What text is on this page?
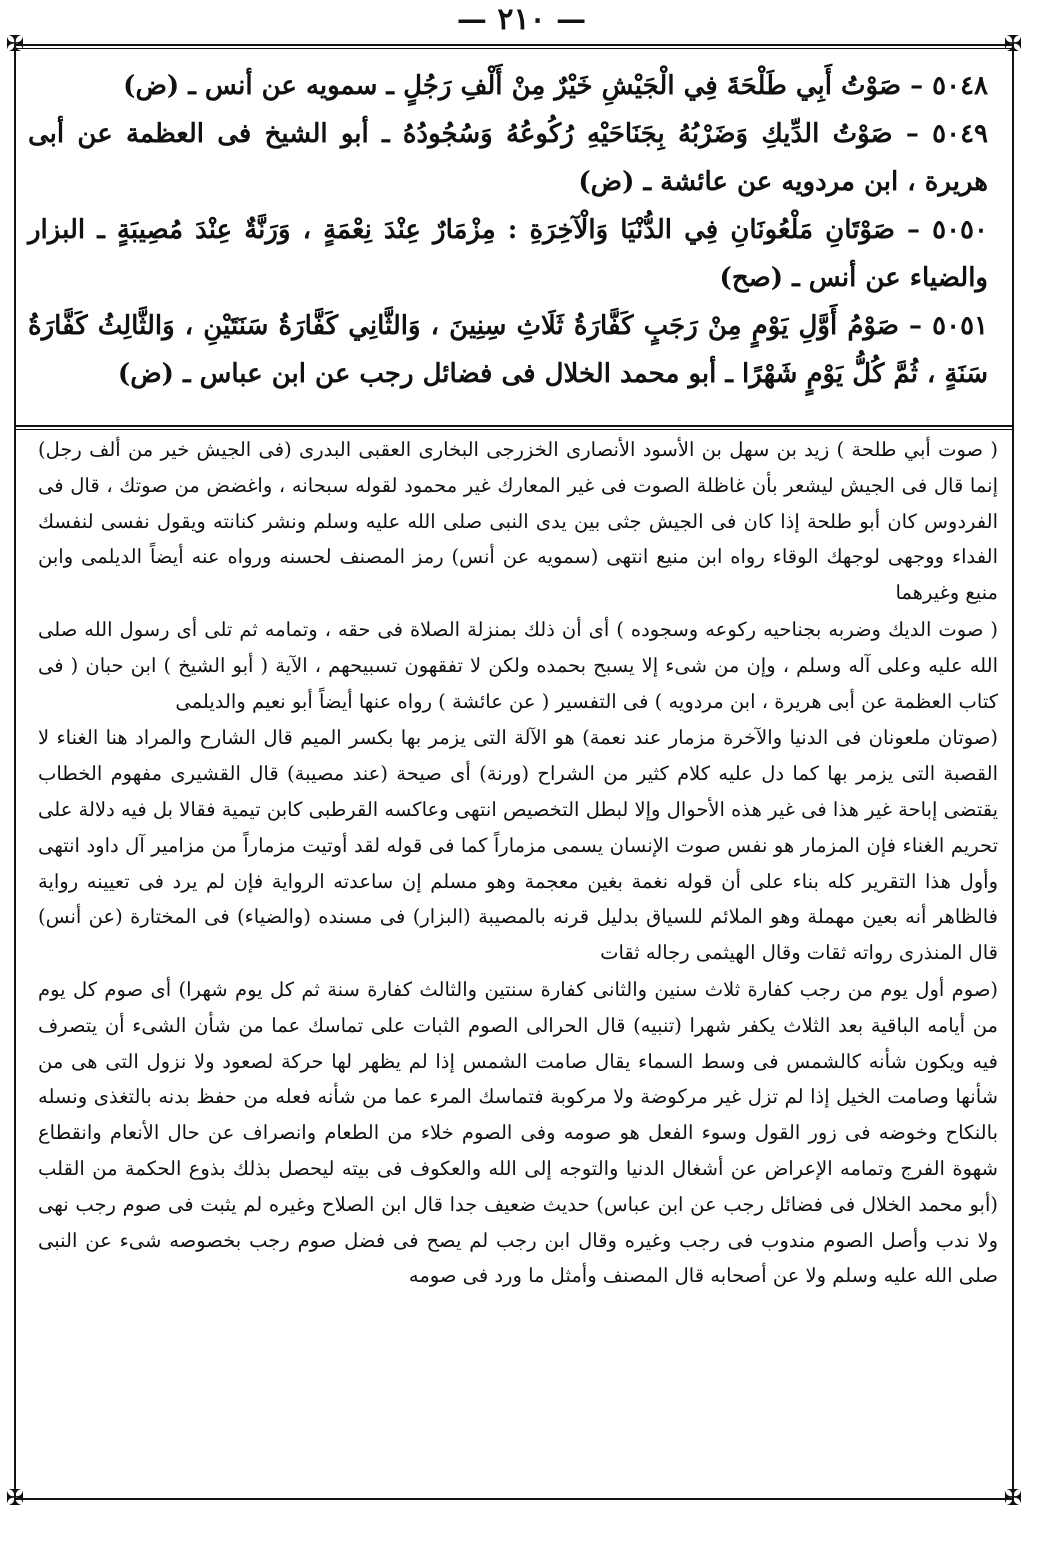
— ٢١٠ —
✠	✠
✠	✠

٥٠٤٨ – صَوْتُ أَبِي طَلْحَةَ فِي الْجَيْشِ خَيْرٌ مِنْ أَلْفِ رَجُلٍ ـ سمويه عن أنس ـ (ض)

٥٠٤٩ – صَوْتُ الدِّيكِ وَضَرْبُهُ بِجَنَاحَيْهِ رُكُوعُهُ وَسُجُودُهُ ـ أبو الشيخ فى العظمة عن أبى هريرة ، ابن مردويه عن عائشة ـ (ض)

٥٠٥٠ – صَوْتَانِ مَلْعُونَانِ فِي الدُّنْيَا وَالْآخِرَةِ : مِزْمَارٌ عِنْدَ نِعْمَةٍ ، وَرَنَّةٌ عِنْدَ مُصِيبَةٍ ـ البزار والضياء عن أنس ـ (صح)

٥٠٥١ – صَوْمُ أَوَّلِ يَوْمٍ مِنْ رَجَبٍ كَفَّارَةُ ثَلَاثِ سِنِينَ ، وَالثَّانِي كَفَّارَةُ سَنَتَيْنِ ، وَالثَّالِثُ كَفَّارَةُ سَنَةٍ ، ثُمَّ كُلُّ يَوْمٍ شَهْرًا ـ أبو محمد الخلال فى فضائل رجب عن ابن عباس ـ (ض)

( صوت أبي طلحة ) زيد بن سهل بن الأسود الأنصارى الخزرجى البخارى العقبى البدرى (فى الجيش خير من ألف رجل) إنما قال فى الجيش ليشعر بأن غاظلة الصوت فى غير المعارك غير محمود لقوله سبحانه ، واغضض من صوتك ، قال فى الفردوس كان أبو طلحة إذا كان فى الجيش جثى بين يدى النبى صلى الله عليه وسلم ونشر كنانته ويقول نفسى لنفسك الفداء ووجهى لوجهك الوقاء رواه ابن منيع انتهى (سمويه عن أنس) رمز المصنف لحسنه ورواه عنه أيضاً الديلمى وابن منيع وغيرهما

( صوت الديك وضربه بجناحيه ركوعه وسجوده ) أى أن ذلك بمنزلة الصلاة فى حقه ، وتمامه ثم تلى أى رسول الله صلى الله عليه وعلى آله وسلم ، وإن من شىء إلا يسبح بحمده ولكن لا تفقهون تسبيحهم ، الآية ( أبو الشيخ ) ابن حبان ( فى كتاب العظمة عن أبى هريرة ، ابن مردويه ) فى التفسير ( عن عائشة ) رواه عنها أيضاً أبو نعيم والديلمى

(صوتان ملعونان فى الدنيا والآخرة مزمار عند نعمة) هو الآلة التى يزمر بها بكسر الميم قال الشارح والمراد هنا الغناء لا القصبة التى يزمر بها كما دل عليه كلام كثير من الشراح (ورنة) أى صيحة (عند مصيبة) قال القشيرى مفهوم الخطاب يقتضى إباحة غير هذا فى غير هذه الأحوال وإلا لبطل التخصيص انتهى وعاكسه القرطبى كابن تيمية فقالا بل فيه دلالة على تحريم الغناء فإن المزمار هو نفس صوت الإنسان يسمى مزماراً كما فى قوله لقد أوتيت مزماراً من مزامير آل داود انتهى وأول هذا التقرير كله بناء على أن قوله نغمة بغين معجمة وهو مسلم إن ساعدته الرواية فإن لم يرد فى تعيينه رواية فالظاهر أنه بعين مهملة وهو الملائم للسياق بدليل قرنه بالمصيبة (البزار) فى مسنده (والضياء) فى المختارة (عن أنس) قال المنذرى رواته ثقات وقال الهيثمى رجاله ثقات

(صوم أول يوم من رجب كفارة ثلاث سنين والثانى كفارة سنتين والثالث كفارة سنة ثم كل يوم شهرا) أى صوم كل يوم من أيامه الباقية بعد الثلاث يكفر شهرا (تنبيه) قال الحرالى الصوم الثبات على تماسك عما من شأن الشىء أن يتصرف فيه ويكون شأنه كالشمس فى وسط السماء يقال صامت الشمس إذا لم يظهر لها حركة لصعود ولا نزول التى هى من شأنها وصامت الخيل إذا لم تزل غير مركوضة ولا مركوبة فتماسك المرء عما من شأنه فعله من حفظ بدنه بالتغذى ونسله بالنكاح وخوضه فى زور القول وسوء الفعل هو صومه وفى الصوم خلاء من الطعام وانصراف عن حال الأنعام وانقطاع شهوة الفرج وتمامه الإعراض عن أشغال الدنيا والتوجه إلى الله والعكوف فى بيته ليحصل بذلك بذوع الحكمة من القلب (أبو محمد الخلال فى فضائل رجب عن ابن عباس) حديث ضعيف جدا قال ابن الصلاح وغيره لم يثبت فى صوم رجب نهى ولا ندب وأصل الصوم مندوب فى رجب وغيره وقال ابن رجب لم يصح فى فضل صوم رجب بخصوصه شىء عن النبى صلى الله عليه وسلم ولا عن أصحابه قال المصنف وأمثل ما ورد فى صومه
